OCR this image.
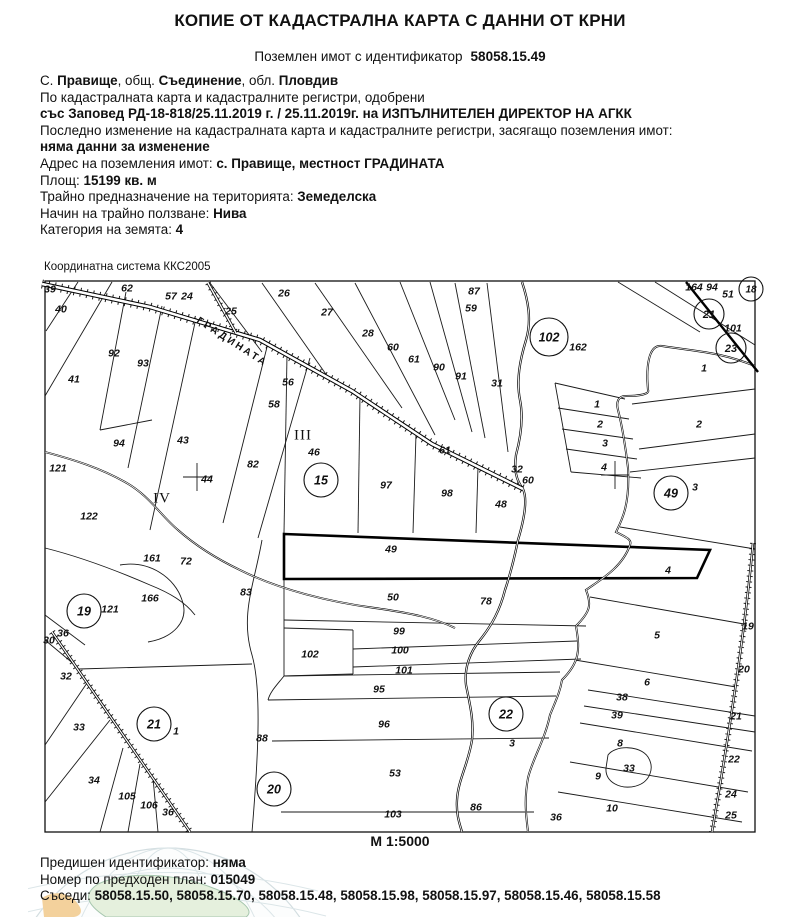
КОПИЕ ОТ КАДАСТРАЛНА КАРТА С ДАННИ ОТ КРНИ
Поземлен имот с идентификатор 58058.15.49
С. Правище, общ. Съединение, обл. Пловдив
По кадастралната карта и кадастралните регистри, одобрени
със Заповед РД-18-818/25.11.2019 г. / 25.11.2019г. на ИЗПЪЛНИТЕЛЕН ДИРЕКТОР НА АГКК
Последно изменение на кадастралната карта и кадастралните регистри, засягащо поземления имот:
няма данни за изменение
Адрес на поземления имот: с. Правище, местност ГРАДИНАТА
Площ: 15199 кв. м
Трайно предназначение на територията: Земеделска
Начин на трайно ползване: Нива
Категория на земята: 4
Координатна система ККС2005
ГРАДИНАТА
39	62
57 24
25
26
27
28
60
61
90
91
31
87
59
40
92
93
41
94	43
44
82
56
58
46
97
98
48
121
122
161 72
166
121
83
49
50
99
100
101
102
95
96
53
103
30
36
32
33
34
105
106
36
1
88	3
86
36
162
78
61
32
60
1
2
1
2
3
4
3
4
5
6
38
39
8
9
10
33
19
20
21
22
24
25
51
164 94
101
III
IV
15
19
20
21
22
49
102
21
23
18
М 1:5000
Предишен идентификатор: няма
Номер по предходен план: 015049
Съседи: 58058.15.50, 58058.15.70, 58058.15.48, 58058.15.98, 58058.15.97, 58058.15.46, 58058.15.58
